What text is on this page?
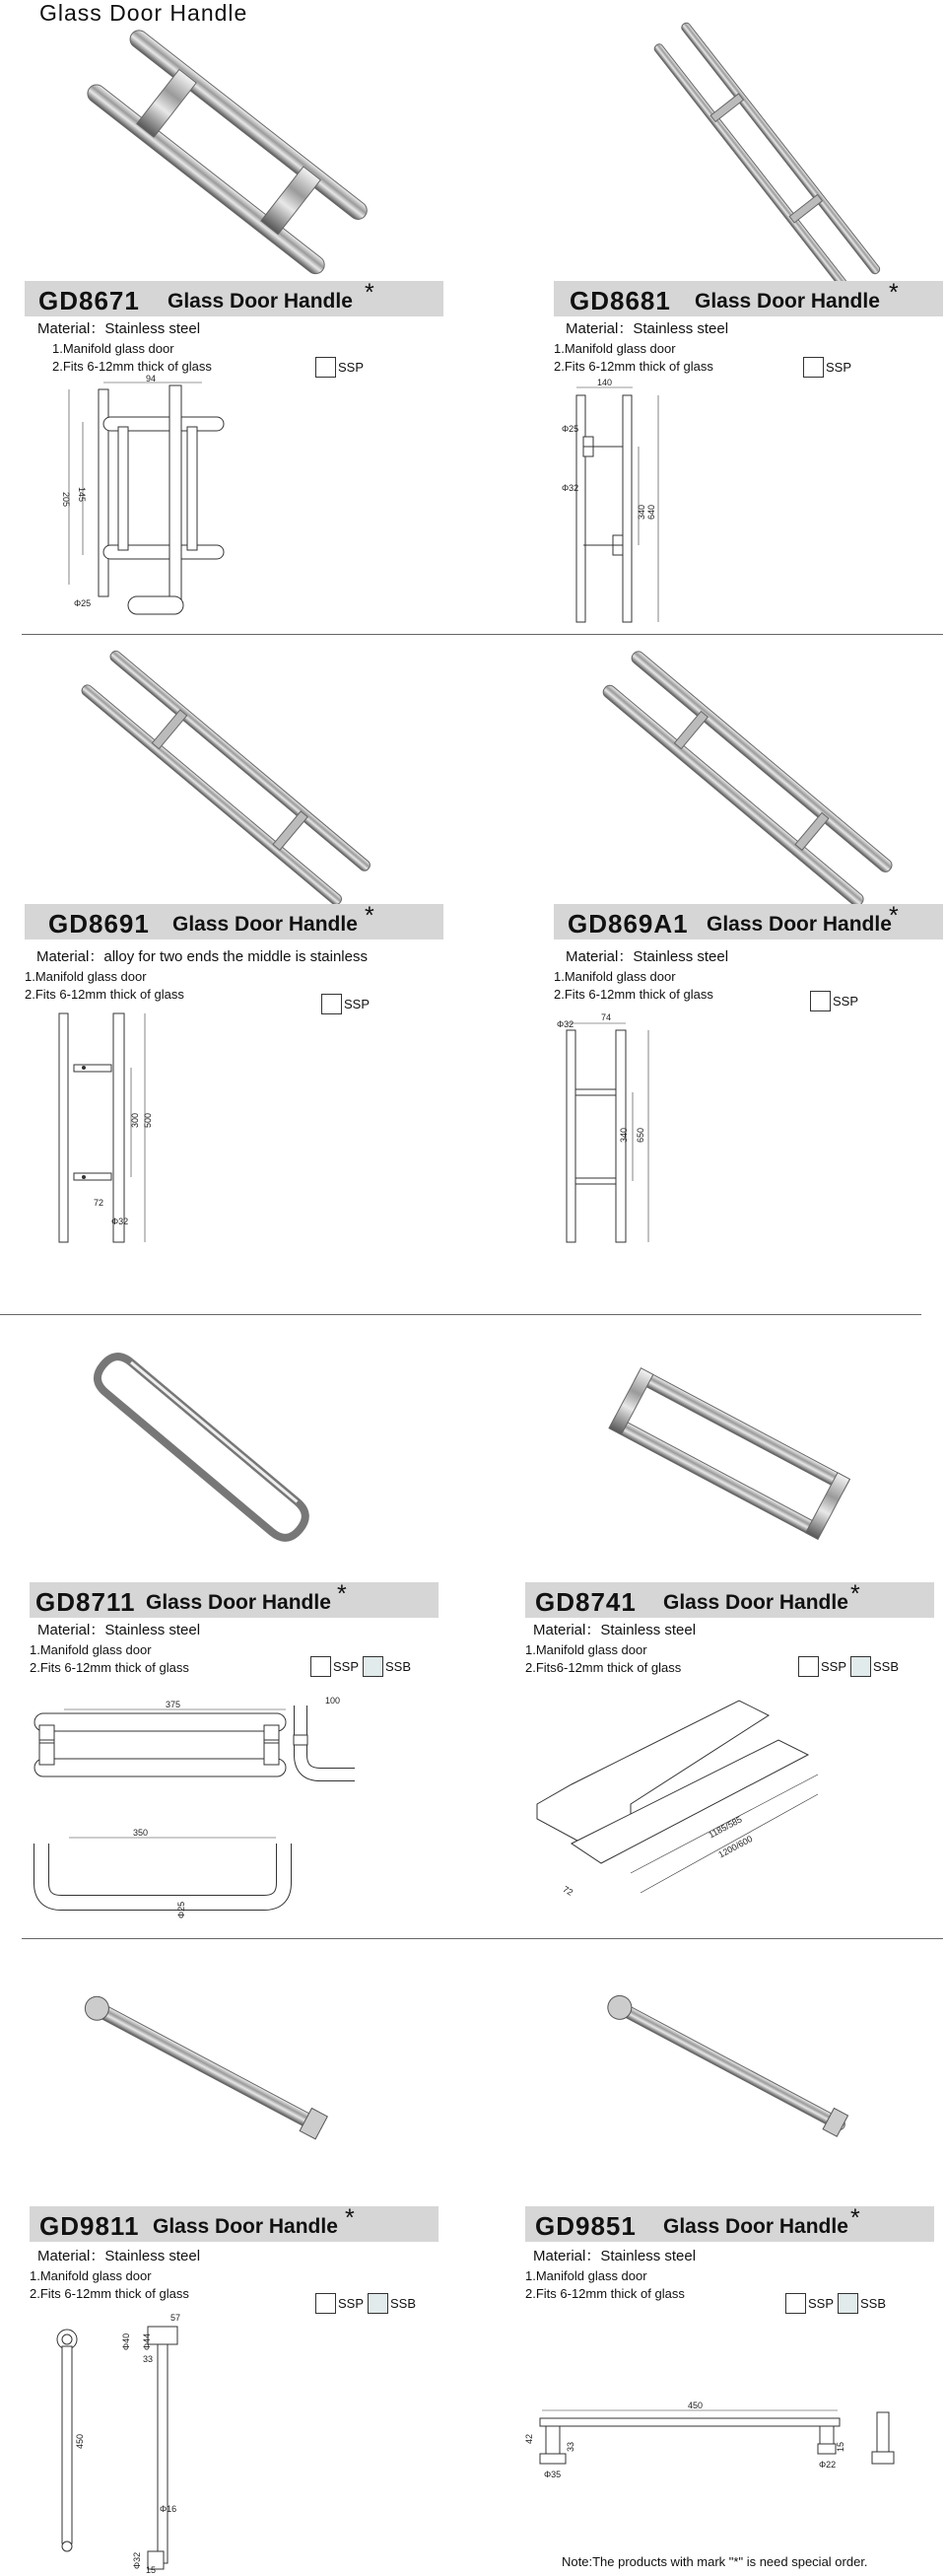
Glass Door Handle
GD8671 Glass Door Handle *	GD8681 Glass Door Handle *
Material：Stainless steel
1.Manifold glass door
2.Fits 6-12mm thick of glass	SSP
Material：Stainless steel
1.Manifold glass door
2.Fits 6-12mm thick of glass	SSP
94
205 145
Φ25
140
Φ25
Φ32
340 640
GD8691 Glass Door Handle *	GD869A1 Glass Door Handle
*
Material：alloy for two ends the middle is stainless
1.Manifold glass door
2.Fits 6-12mm thick of glass
SSP
Material：Stainless steel
1.Manifold glass door
2.Fits 6-12mm thick of glass	SSP
300 500
72
Φ32
Φ32
74
340 650
GD8711 Glass Door Handle *	GD8741 Glass Door Handle *
Material：Stainless steel
1.Manifold glass door
2.Fits 6-12mm thick of glass	SSP SSB
Material：Stainless steel
1.Manifold glass door
2.Fits6-12mm thick of glass	SSP SSB
375	100
350
Φ25
1185/585
1200/600
72
GD9811 Glass Door Handle *	GD9851 Glass Door Handle *
Material：Stainless steel
1.Manifold glass door
2.Fits 6-12mm thick of glass
SSP SSB
Material：Stainless steel
1.Manifold glass door
2.Fits 6-12mm thick of glass
SSP SSB
450
57
Φ40 Φ44
33
Φ16
Φ32
15
450
42
33
Φ35
Φ22
15
Note:The products with mark "*" is need special order.
